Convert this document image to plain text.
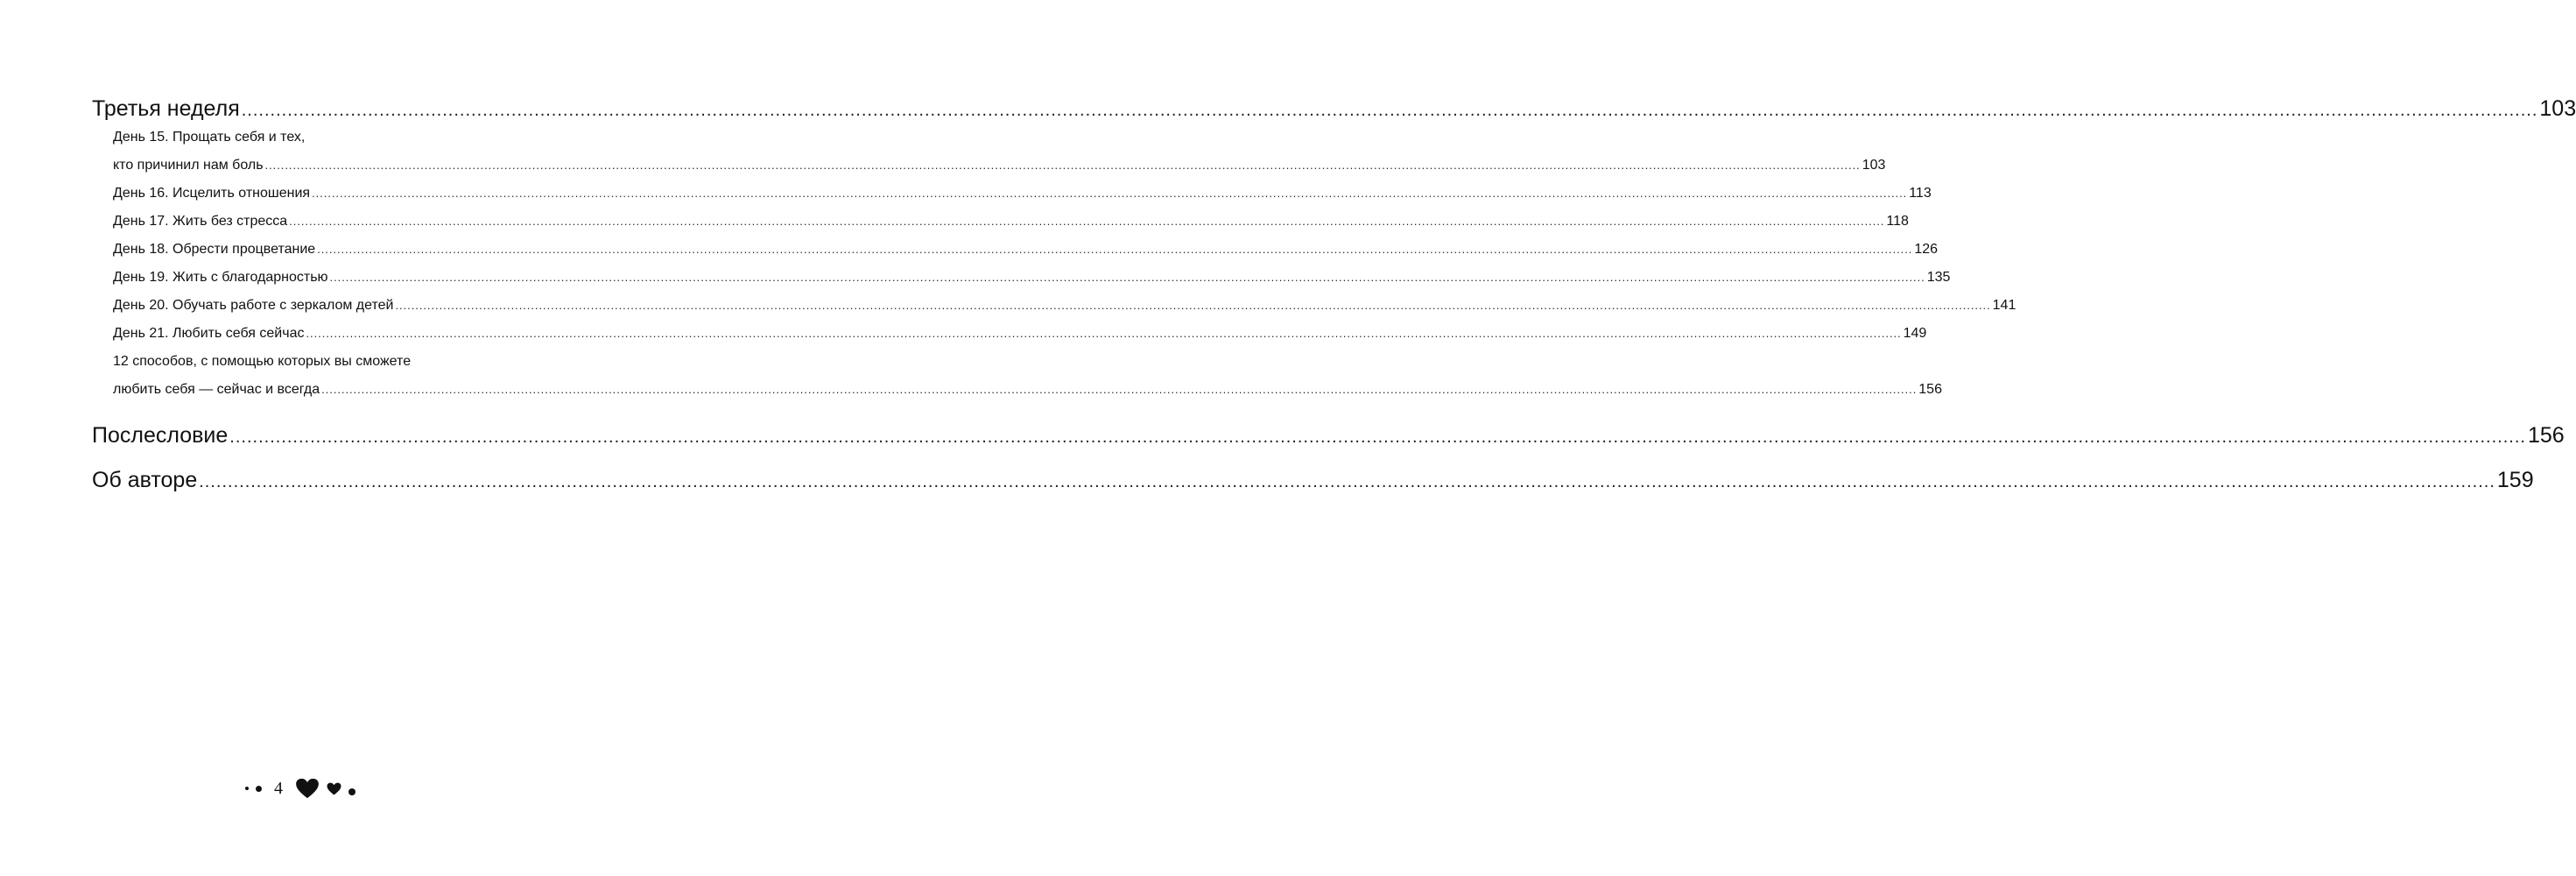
Третья неделя ................................................................................................................................................................................................................................................................................................................................................................................................................ 103
День 15. Прощать себя и тех,
кто причинил нам боль ................................................................................................................................................................................................................................................................................................................................................................................................................ 103
День 16. Исцелить отношения ................................................................................................................................................................................................................................................................................................................................................................................................................ 113
День 17. Жить без стресса ................................................................................................................................................................................................................................................................................................................................................................................................................ 118
День 18. Обрести процветание ................................................................................................................................................................................................................................................................................................................................................................................................................ 126
День 19. Жить с благодарностью ................................................................................................................................................................................................................................................................................................................................................................................................................ 135
День 20. Обучать работе с зеркалом детей ................................................................................................................................................................................................................................................................................................................................................................................................................ 141
День 21. Любить себя сейчас ................................................................................................................................................................................................................................................................................................................................................................................................................ 149
12 способов, с помощью которых вы сможете
любить себя — сейчас и всегда ................................................................................................................................................................................................................................................................................................................................................................................................................ 156
Послесловие ................................................................................................................................................................................................................................................................................................................................................................................................................ 156
Об авторе ................................................................................................................................................................................................................................................................................................................................................................................................................ 159
4
